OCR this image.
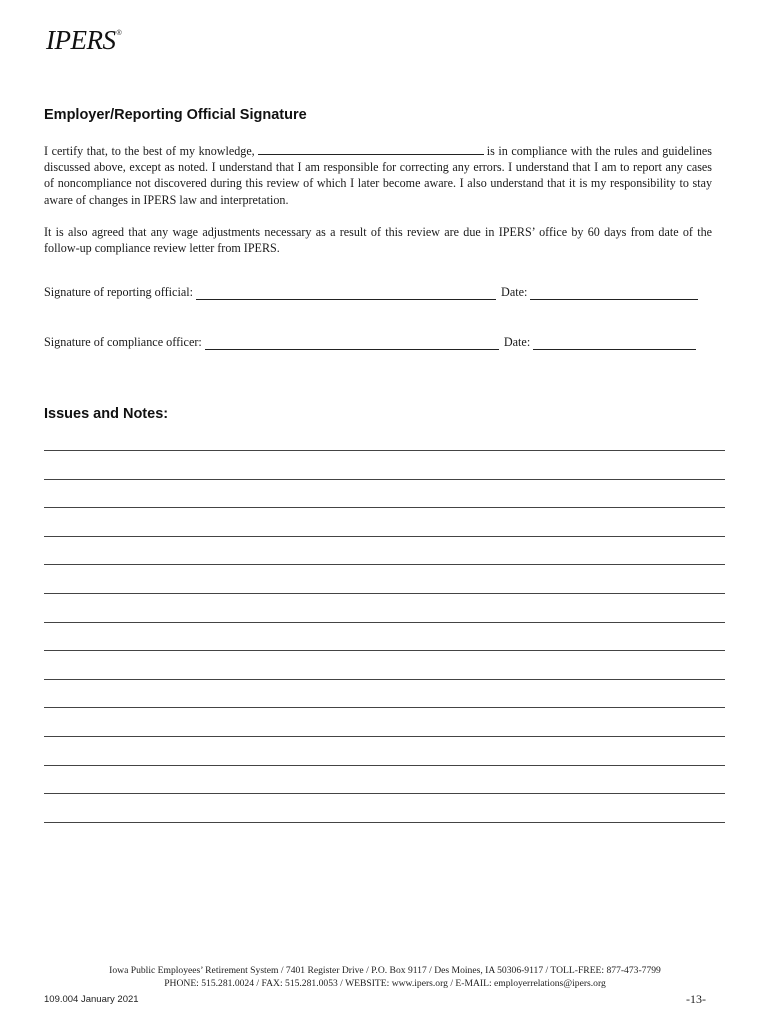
IPERS ®
Employer/Reporting Official Signature

I certify that, to the best of my knowledge,	is in compliance with the rules and guidelines discussed above, except as noted. I understand that I am responsible for correcting any errors. I understand that I am to report any cases of noncompliance not discovered during this review of which I later become aware. I also understand that it is my responsibility to stay aware of changes in IPERS law and interpretation.

It is also agreed that any wage adjustments necessary as a result of this review are due in IPERS’ office by 60 days from date of the follow-up compliance review letter from IPERS.

Signature of reporting official:	Date:
Signature of compliance officer:	Date:
Issues and Notes:
Iowa Public Employees’ Retirement System / 7401 Register Drive / P.O. Box 9117 / Des Moines, IA 50306-9117 / TOLL-FREE: 877-473-7799
PHONE: 515.281.0024 / FAX: 515.281.0053 / WEBSITE: www.ipers.org / E-MAIL: employerrelations@ipers.org
109.004 January 2021	-13-
